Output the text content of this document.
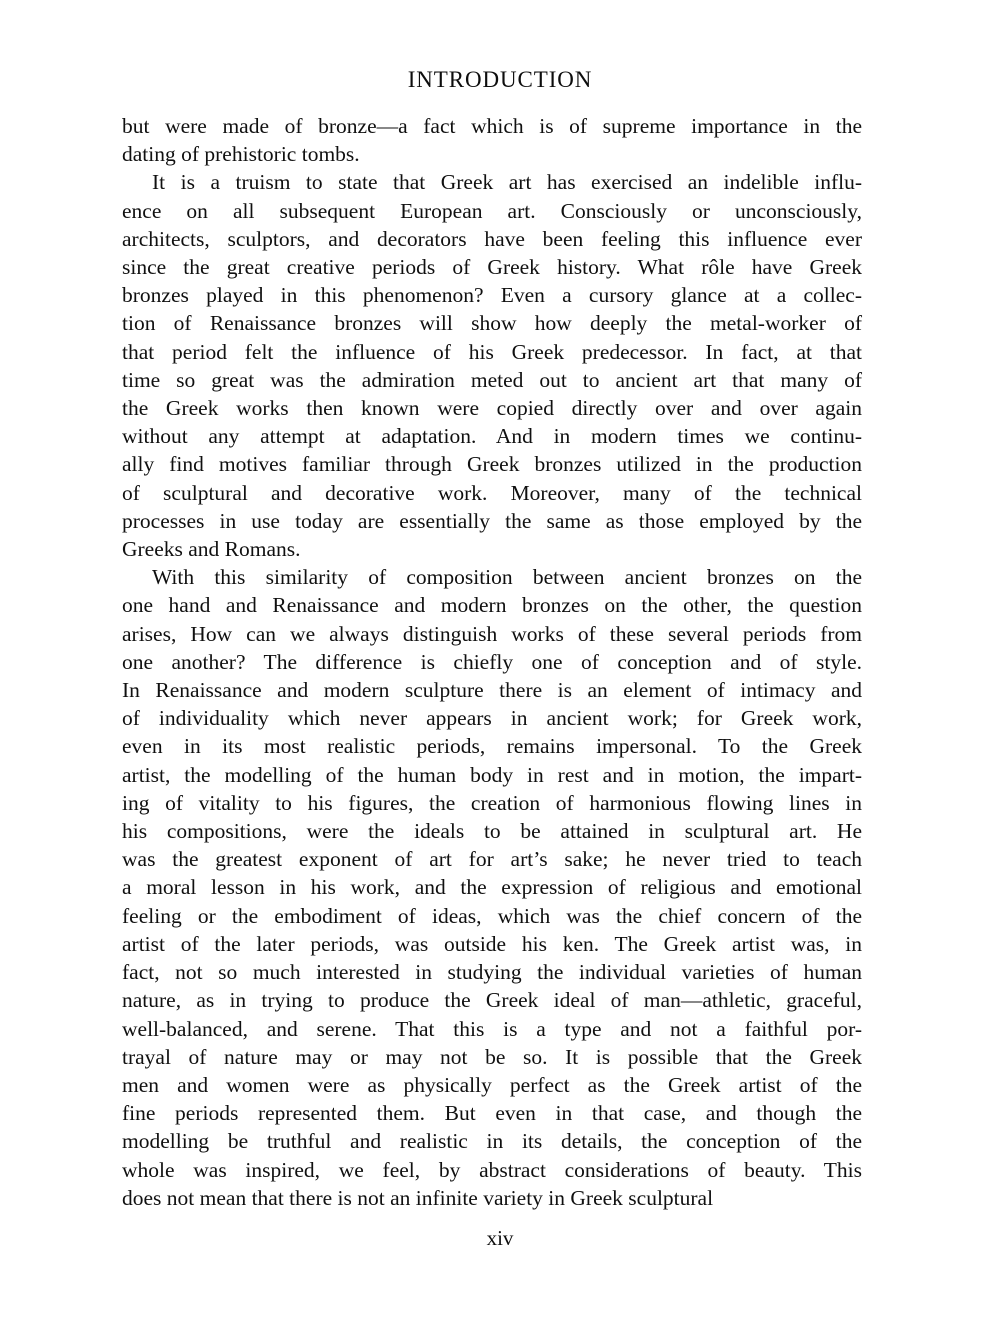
INTRODUCTION

but were made of bronze—a fact which is of supreme importance in the
dating of prehistoric tombs.

It is a truism to state that Greek art has exercised an indelible influ-
ence on all subsequent European art. Consciously or unconsciously,
architects, sculptors, and decorators have been feeling this influence ever
since the great creative periods of Greek history. What rôle have Greek
bronzes played in this phenomenon? Even a cursory glance at a collec-
tion of Renaissance bronzes will show how deeply the metal-worker of
that period felt the influence of his Greek predecessor. In fact, at that
time so great was the admiration meted out to ancient art that many of
the Greek works then known were copied directly over and over again
without any attempt at adaptation. And in modern times we continu-
ally find motives familiar through Greek bronzes utilized in the production
of sculptural and decorative work. Moreover, many of the technical
processes in use today are essentially the same as those employed by the
Greeks and Romans.

With this similarity of composition between ancient bronzes on the
one hand and Renaissance and modern bronzes on the other, the question
arises, How can we always distinguish works of these several periods from
one another? The difference is chiefly one of conception and of style.
In Renaissance and modern sculpture there is an element of intimacy and
of individuality which never appears in ancient work; for Greek work,
even in its most realistic periods, remains impersonal. To the Greek
artist, the modelling of the human body in rest and in motion, the impart-
ing of vitality to his figures, the creation of harmonious flowing lines in
his compositions, were the ideals to be attained in sculptural art. He
was the greatest exponent of art for art’s sake; he never tried to teach
a moral lesson in his work, and the expression of religious and emotional
feeling or the embodiment of ideas, which was the chief concern of the
artist of the later periods, was outside his ken. The Greek artist was, in
fact, not so much interested in studying the individual varieties of human
nature, as in trying to produce the Greek ideal of man—athletic, graceful,
well-balanced, and serene. That this is a type and not a faithful por-
trayal of nature may or may not be so. It is possible that the Greek
men and women were as physically perfect as the Greek artist of the
fine periods represented them. But even in that case, and though the
modelling be truthful and realistic in its details, the conception of the
whole was inspired, we feel, by abstract considerations of beauty. This
does not mean that there is not an infinite variety in Greek sculptural

xiv
